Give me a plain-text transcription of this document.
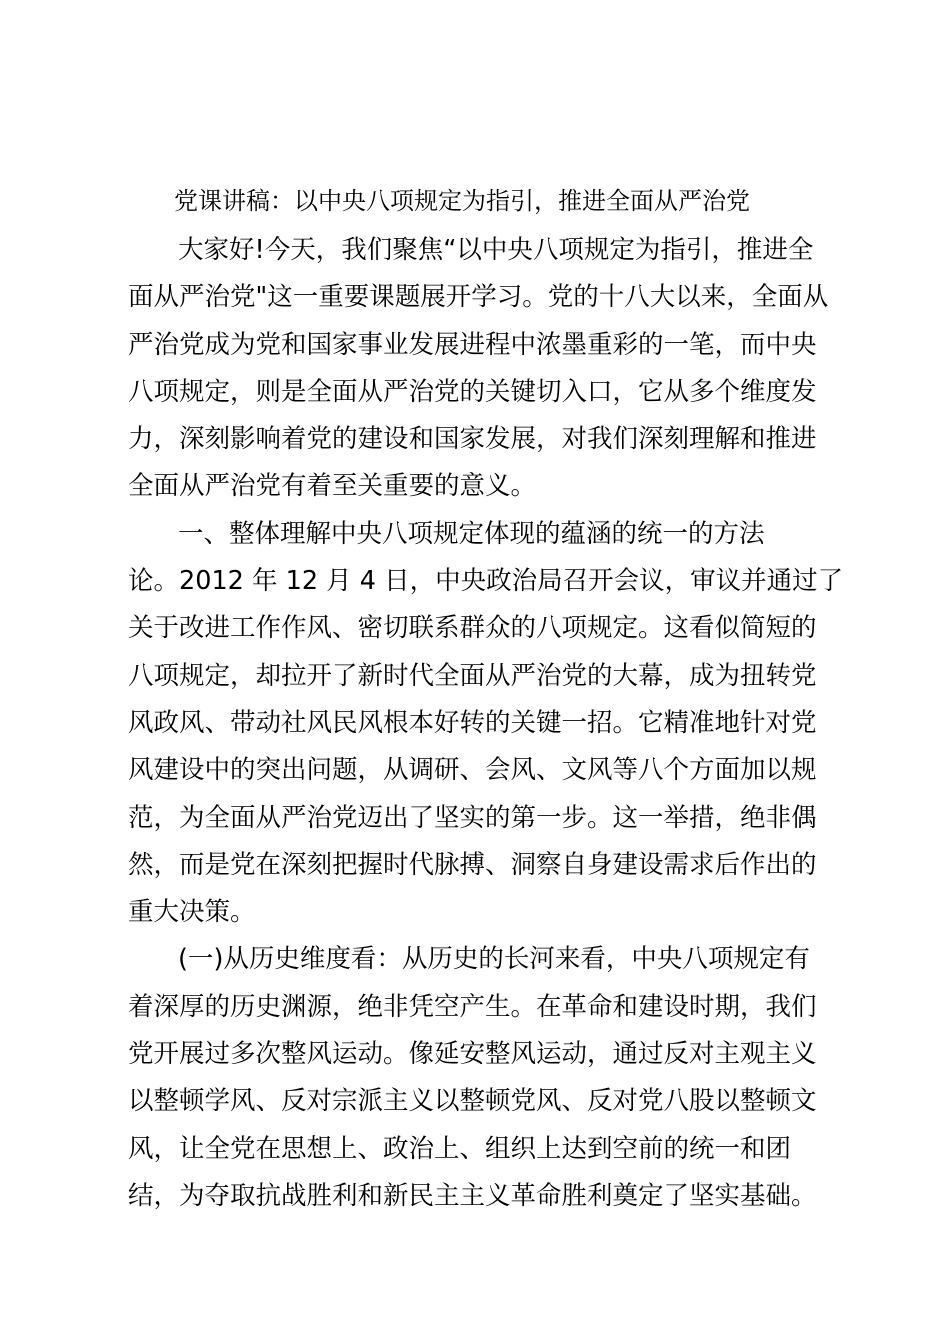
党课讲稿：以中央八项规定为指引，推进全面从严治党
大家好!今天，我们聚焦“以中央八项规定为指引，推进全
面从严治党"这一重要课题展开学习。党的十八大以来，全面从
严治党成为党和国家事业发展进程中浓墨重彩的一笔，而中央
八项规定，则是全面从严治党的关键切入口，它从多个维度发
力，深刻影响着党的建设和国家发展，对我们深刻理解和推进
全面从严治党有着至关重要的意义。
一、整体理解中央八项规定体现的蕴涵的统一的方法
论。2012 年 12 月 4 日，中央政治局召开会议，审议并通过了
关于改进工作作风、密切联系群众的八项规定。这看似简短的
八项规定，却拉开了新时代全面从严治党的大幕，成为扭转党
风政风、带动社风民风根本好转的关键一招。它精准地针对党
风建设中的突出问题，从调研、会风、文风等八个方面加以规
范，为全面从严治党迈出了坚实的第一步。这一举措，绝非偶
然，而是党在深刻把握时代脉搏、洞察自身建设需求后作出的
重大决策。
(一)从历史维度看：从历史的长河来看，中央八项规定有
着深厚的历史渊源，绝非凭空产生。在革命和建设时期，我们
党开展过多次整风运动。像延安整风运动，通过反对主观主义
以整顿学风、反对宗派主义以整顿党风、反对党八股以整顿文
风，让全党在思想上、政治上、组织上达到空前的统一和团
结，为夺取抗战胜利和新民主主义革命胜利奠定了坚实基础。
